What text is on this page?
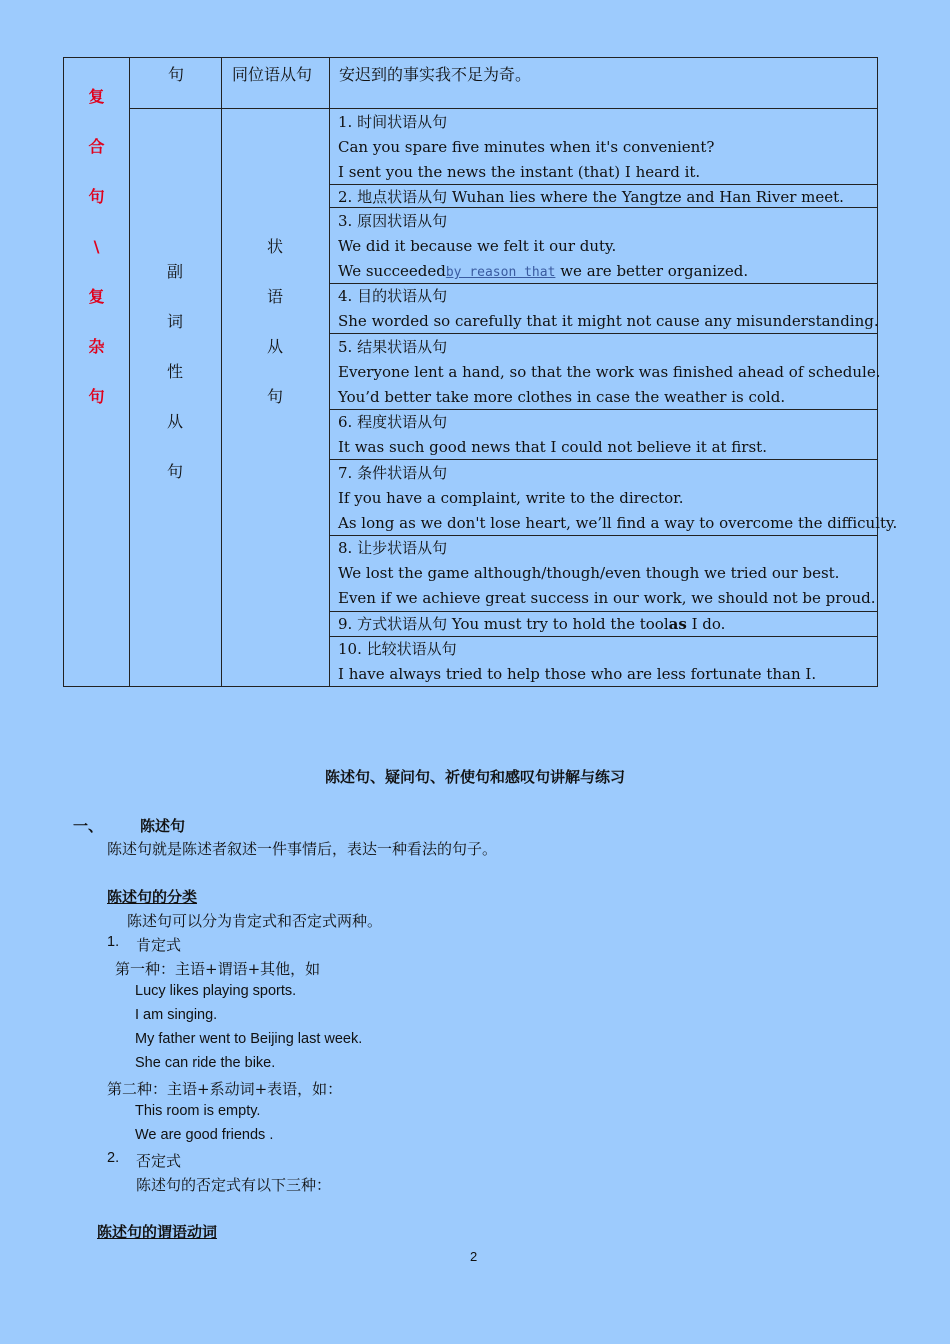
复
合
句
\
复
杂
句
句	同位语从句 安迟到的事实我不足为奇。
副
词
性
从
句
状
语
从
句
1. 时间状语从句
Can you spare five minutes when it's convenient?
I sent you the news the instant (that) I heard it.
2. 地点状语从句 Wuhan lies where the Yangtze and Han River meet.
3. 原因状语从句
We did it because we felt it our duty.
We succeededby reason that we are better organized.
4. 目的状语从句
She worded so carefully that it might not cause any misunderstanding.
5. 结果状语从句
Everyone lent a hand, so that the work was finished ahead of schedule.
You’d better take more clothes in case the weather is cold.
6. 程度状语从句
It was such good news that I could not believe it at first.
7. 条件状语从句
If you have a complaint, write to the director.
As long as we don't lose heart, we’ll find a way to overcome the difficulty.
8. 让步状语从句
We lost the game although/though/even though we tried our best.
Even if we achieve great success in our work, we should not be proud.
9. 方式状语从句 You must try to hold the toolas I do.
10. 比较状语从句
I have always tried to help those who are less fortunate than I.
陈述句、疑问句、祈使句和感叹句讲解与练习
一、 陈述句
陈述句就是陈述者叙述一件事情后，表达一种看法的句子。
陈述句的分类
陈述句可以分为肯定式和否定式两种。
1. 肯定式
第一种：主语+谓语+其他，如
Lucy likes playing sports.
I am singing.
My father went to Beijing last week.
She can ride the bike.
第二种：主语+系动词+表语，如：
This room is empty.
We are good friends .
2. 否定式
陈述句的否定式有以下三种：
陈述句的谓语动词
2
